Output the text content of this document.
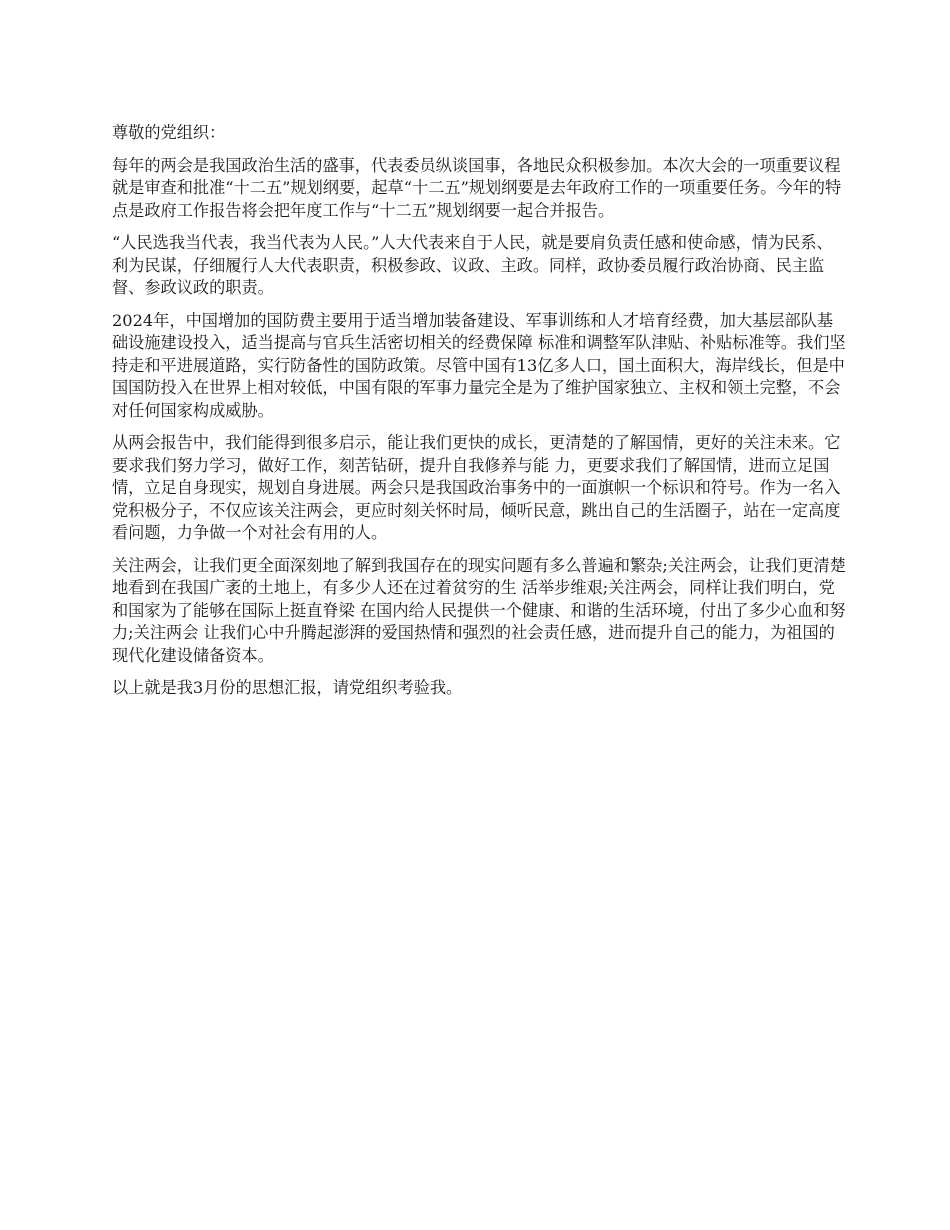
尊敬的党组织：

每年的两会是我国政治生活的盛事，代表委员纵谈国事，各地民众积极参加。本次大会的一项重要议程就是审查和批准“十二五”规划纲要，起草“十二五”规划纲要是去年政府工作的一项重要任务。今年的特点是政府工作报告将会把年度工作与“十二五”规划纲要一起合并报告。

“人民选我当代表，我当代表为人民。”人大代表来自于人民，就是要肩负责任感和使命感，情为民系、利为民谋，仔细履行人大代表职责，积极参政、议政、主政。同样，政协委员履行政治协商、民主监督、参政议政的职责。

2024年，中国增加的国防费主要用于适当增加装备建设、军事训练和人才培育经费，加大基层部队基础设施建设投入，适当提高与官兵生活密切相关的经费保障 标准和调整军队津贴、补贴标准等。我们坚持走和平进展道路，实行防备性的国防政策。尽管中国有13亿多人口，国土面积大，海岸线长，但是中国国防投入在世界上相对较低，中国有限的军事力量完全是为了维护国家独立、主权和领土完整，不会对任何国家构成威胁。

从两会报告中，我们能得到很多启示，能让我们更快的成长，更清楚的了解国情，更好的关注未来。它要求我们努力学习，做好工作，刻苦钻研，提升自我修养与能 力，更要求我们了解国情，进而立足国情，立足自身现实，规划自身进展。两会只是我国政治事务中的一面旗帜一个标识和符号。作为一名入党积极分子，不仅应该关注两会，更应时刻关怀时局，倾听民意，跳出自己的生活圈子，站在一定高度看问题，力争做一个对社会有用的人。

关注两会，让我们更全面深刻地了解到我国存在的现实问题有多么普遍和繁杂;关注两会，让我们更清楚地看到在我国广袤的土地上，有多少人还在过着贫穷的生 活举步维艰;关注两会，同样让我们明白，党和国家为了能够在国际上挺直脊梁 在国内给人民提供一个健康、和谐的生活环境，付出了多少心血和努力;关注两会 让我们心中升腾起澎湃的爱国热情和强烈的社会责任感，进而提升自己的能力，为祖国的现代化建设储备资本。

以上就是我3月份的思想汇报，请党组织考验我。
